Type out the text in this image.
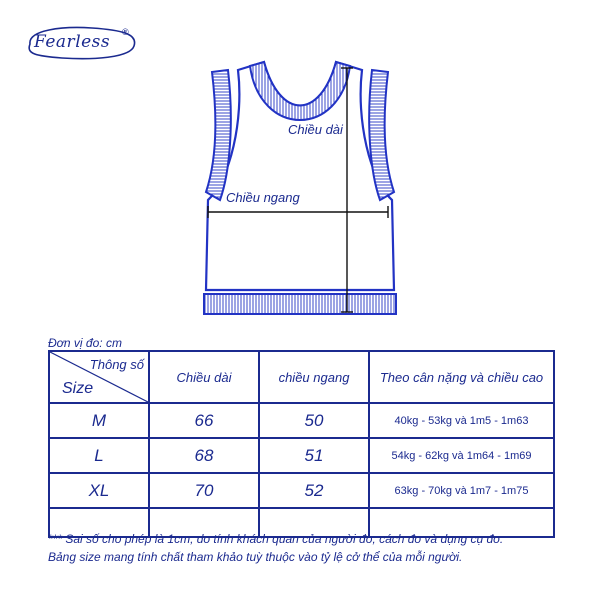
Fearless ®
Chiều dài
Chiều ngang
Đơn vị đo: cm
Thông số
Size	Chiều dài	chiều ngang	Theo cân nặng và chiều cao
M	66	50	40kg - 53kg và 1m5 - 1m63
L	68	51	54kg - 62kg và 1m64 - 1m69
XL	70	52	63kg - 70kg và 1m7 - 1m75

*** Sai số cho phép là 1cm, do tính khách quan của người đo, cách đo và dụng cụ đo.
Bảng size mang tính chất tham khảo tuỳ thuộc vào tỷ lệ cở thể của mỗi người.
